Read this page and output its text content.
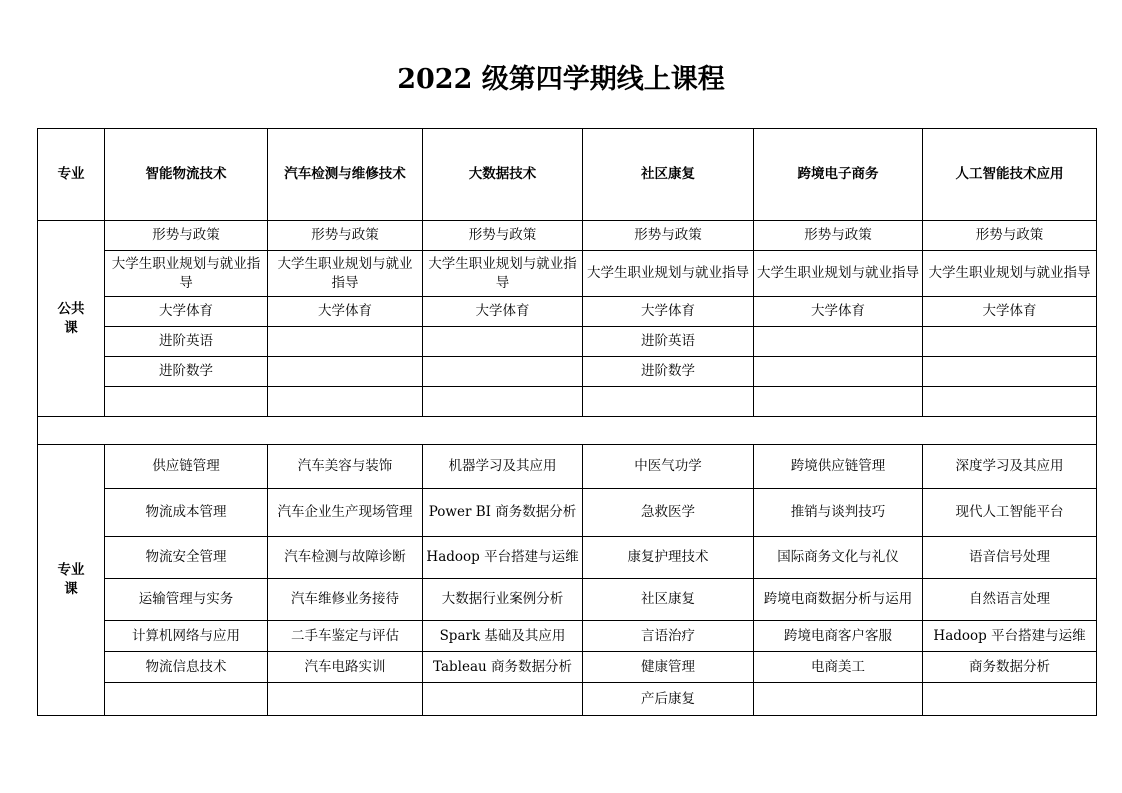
2022 级第四学期线上课程
专业	智能物流技术	汽车检测与维修技术	大数据技术	社区康复	跨境电子商务	人工智能技术应用
公共课	形势与政策	形势与政策	形势与政策	形势与政策	形势与政策	形势与政策
	大学生职业规划与就业指导	大学生职业规划与就业指导	大学生职业规划与就业指导	大学生职业规划与就业指导	大学生职业规划与就业指导	大学生职业规划与就业指导
	大学体育	大学体育	大学体育	大学体育	大学体育	大学体育
	进阶英语			进阶英语		
	进阶数学			进阶数学		

专业课	供应链管理	汽车美容与装饰	机器学习及其应用	中医气功学	跨境供应链管理	深度学习及其应用
	物流成本管理	汽车企业生产现场管理	Power BI 商务数据分析	急救医学	推销与谈判技巧	现代人工智能平台
	物流安全管理	汽车检测与故障诊断	Hadoop 平台搭建与运维	康复护理技术	国际商务文化与礼仪	语音信号处理
	运输管理与实务	汽车维修业务接待	大数据行业案例分析	社区康复	跨境电商数据分析与运用	自然语言处理
	计算机网络与应用	二手车鉴定与评估	Spark 基础及其应用	言语治疗	跨境电商客户客服	Hadoop 平台搭建与运维
	物流信息技术	汽车电路实训	Tableau 商务数据分析	健康管理	电商美工	商务数据分析
				产后康复		
